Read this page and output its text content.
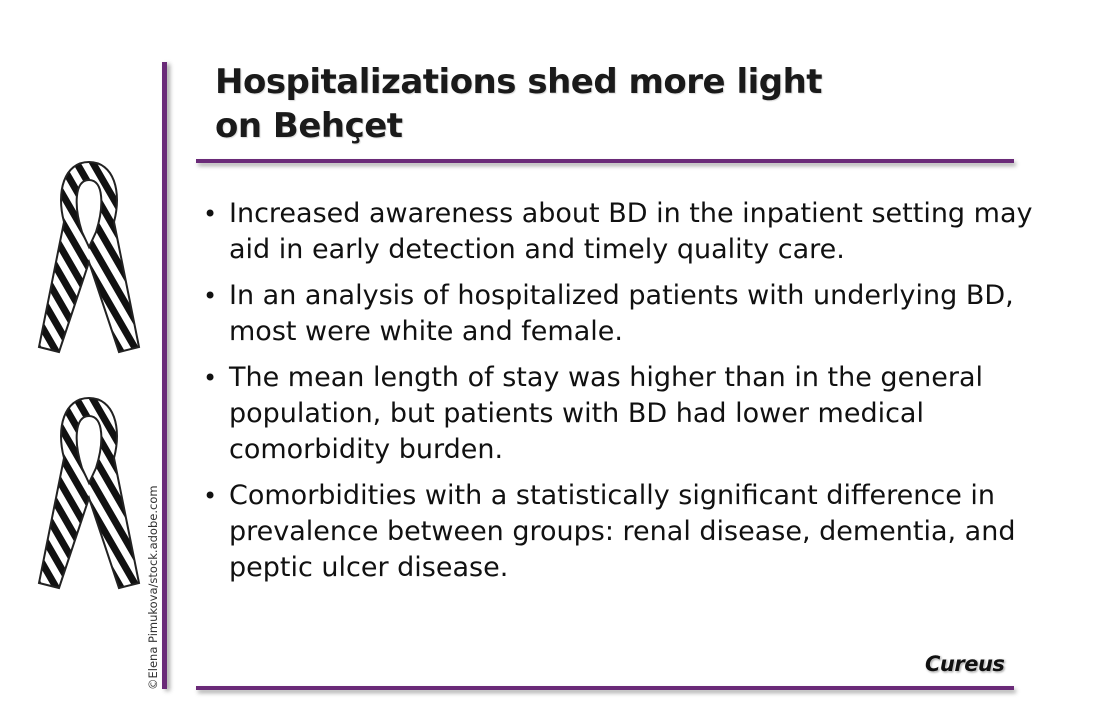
©Elena Pimukova/stock.adobe.com
Hospitalizations shed more light
on Behçet
• Increased awareness about BD in the inpatient setting may aid in early detection and timely quality care.
• In an analysis of hospitalized patients with underlying BD, most were white and female.
• The mean length of stay was higher than in the general population, but patients with BD had lower medical comorbidity burden.
• Comorbidities with a statistically significant difference in prevalence between groups: renal disease, dementia, and peptic ulcer disease.
Cureus
